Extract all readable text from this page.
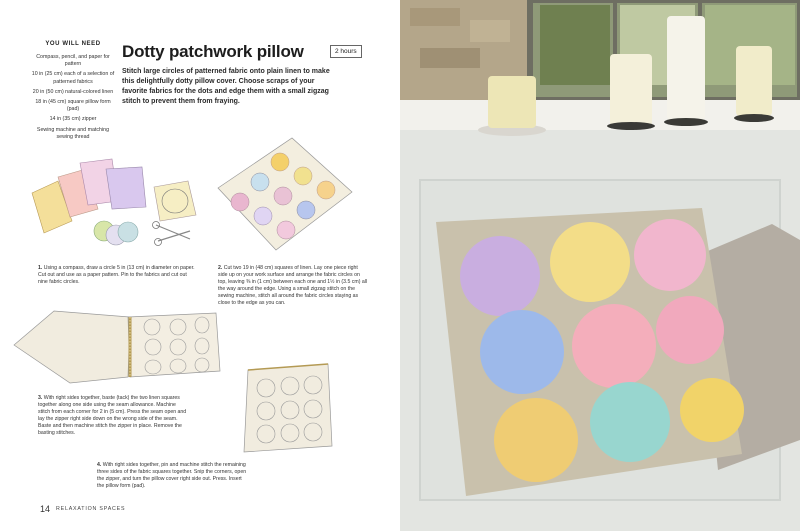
YOU WILL NEED
Compass, pencil, and paper for pattern
10 in (25 cm) each of a selection of patterned fabrics
20 in (50 cm) natural-colored linen
18 in (45 cm) square pillow form (pad)
14 in (35 cm) zipper
Sewing machine and matching sewing thread
Dotty patchwork pillow	2 hours
Stitch large circles of patterned fabric onto plain linen to make this delightfully dotty pillow cover. Choose scraps of your favorite fabrics for the dots and edge them with a small zigzag stitch to prevent them from fraying.
1. Using a compass, draw a circle 5 in (13 cm) in diameter on paper. Cut out and use as a paper pattern. Pin to the fabrics and cut out nine fabric circles.
2. Cut two 19 in (48 cm) squares of linen. Lay one piece right side up on your work surface and arrange the fabric circles on top, leaving ⅜ in (1 cm) between each one and 1½ in (3.5 cm) all the way around the edge. Using a small zigzag stitch on the sewing machine, stitch all around the fabric circles staying as close to the edge as you can.
3. With right sides together, baste (tack) the two linen squares together along one side using the seam allowance. Machine stitch from each corner for 2 in (5 cm). Press the seam open and lay the zipper right side down on the wrong side of the seam. Baste and then machine stitch the zipper in place. Remove the basting stitches.
4. With right sides together, pin and machine stitch the remaining three sides of the fabric squares together. Snip the corners, open the zipper, and turn the pillow cover right side out. Press. Insert the pillow form (pad).
14 RELAXATION SPACES
